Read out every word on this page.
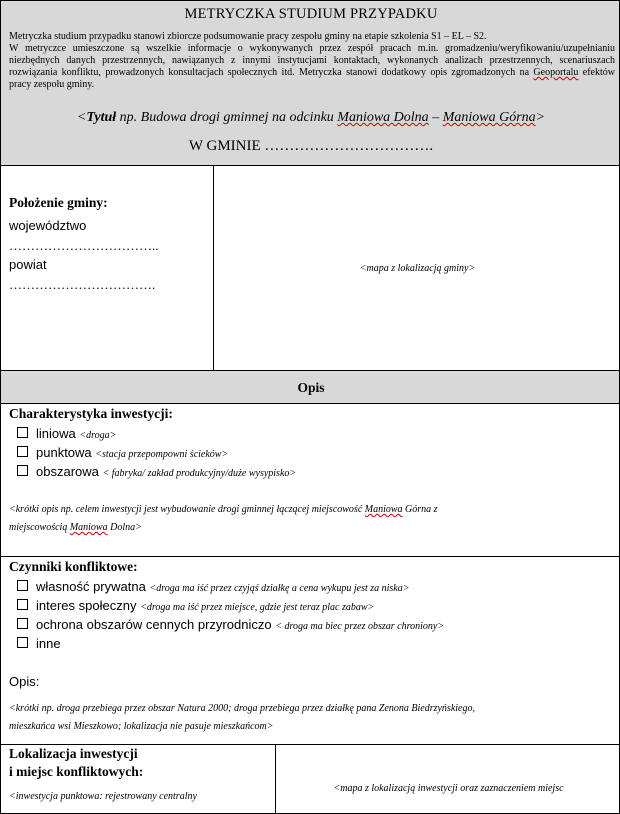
METRYCZKA STUDIUM PRZYPADKU
Metryczka studium przypadku stanowi zbiorcze podsumowanie pracy zespołu gminy na etapie szkolenia S1 – EL – S2.
W metryczce umieszczone są wszelkie informacje o wykonywanych przez zespół pracach m.in. gromadzeniu/weryfikowaniu/uzupełnianiu niezbędnych danych przestrzennych, nawiązanych z innymi instytucjami kontaktach, wykonanych analizach przestrzennych, scenariuszach rozwiązania konfliktu, prowadzonych konsultacjach społecznych itd. Metryczka stanowi dodatkowy opis zgromadzonych na Geoportalu efektów pracy zespołu gminy.
<Tytuł np. Budowa drogi gminnej na odcinku Maniowa Dolna – Maniowa Górna>
W GMINIE …………………………….
Położenie gminy:
województwo
……………………………..
powiat
…………………………….
<mapa z lokalizacją gminy>
Opis
Charakterystyka inwestycji:
liniowa <droga>
punktowa <stacja przepompowni ścieków>
obszarowa < fabryka/ zakład produkcyjny/duże wysypisko>
<krótki opis np. celem inwestycji jest wybudowanie drogi gminnej łączącej miejscowość Maniowa Górna z
miejscowością Maniowa Dolna>
Czynniki konfliktowe:
własność prywatna <droga ma iść przez czyjąś działkę a cena wykupu jest za niska>
interes społeczny <droga ma iść przez miejsce, gdzie jest teraz plac zabaw>
ochrona obszarów cennych przyrodniczo < droga ma biec przez obszar chroniony>
inne
Opis:
<krótki np. droga przebiega przez obszar Natura 2000; droga przebiega przez działkę pana Zenona Biedrzyńskiego,
mieszkańca wsi Mieszkowo; lokalizacja nie pasuje mieszkańcom>
Lokalizacja inwestycji
i miejsc konfliktowych:
<inwestycja punktowa: rejestrowany centralny
<mapa z lokalizacją inwestycji oraz zaznaczeniem miejsc
